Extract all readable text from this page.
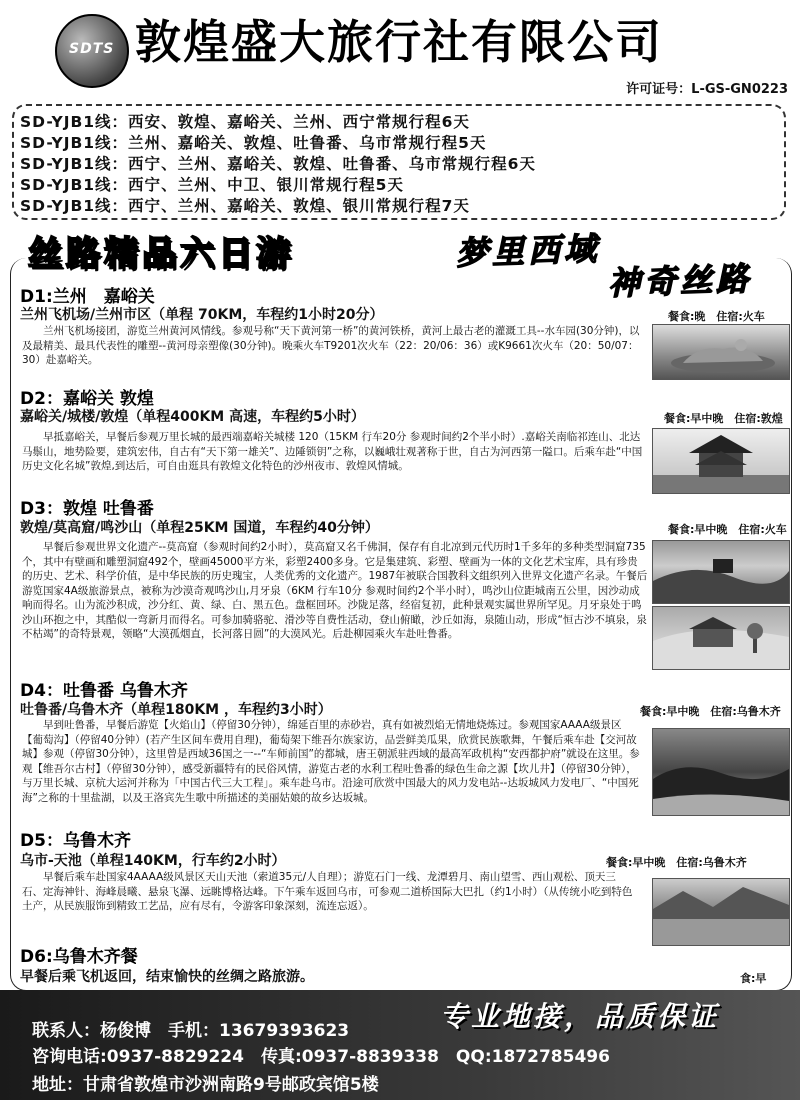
SDTS 敦煌盛大旅行社有限公司
许可证号：L-GS-GN0223
SD-YJB1线：西安、敦煌、嘉峪关、兰州、西宁常规行程6天
SD-YJB1线：兰州、嘉峪关、敦煌、吐鲁番、乌市常规行程5天
SD-YJB1线：西宁、兰州、嘉峪关、敦煌、吐鲁番、乌市常规行程6天
SD-YJB1线：西宁、兰州、中卫、银川常规行程5天
SD-YJB1线：西宁、兰州、嘉峪关、敦煌、银川常规行程7天
丝路精品六日游	梦里西域
神奇丝路
D1:兰州　嘉峪关
兰州飞机场/兰州市区（单程 70KM，车程约1小时20分）	餐食:晚　住宿:火车
兰州飞机场接团，游览兰州黄河风情线。参观号称“天下黄河第一桥”的黄河铁桥，黄河上最古老的灌溉工具--水车园(30分钟)，以及最精美、最具代表性的雕塑--黄河母亲塑像(30分钟)。晚乘火车T9201次火车（22：20/06：36）或K9661次火车（20：50/07：30）赴嘉峪关。
D2：嘉峪关 敦煌
嘉峪关/城楼/敦煌（单程400KM 高速，车程约5小时）	餐食:早中晚　住宿:敦煌
早抵嘉峪关，早餐后参观万里长城的最西端嘉峪关城楼 120（15KM 行车20分 参观时间约2个半小时）.嘉峪关南临祁连山、北达马鬃山，地势险要，建筑宏伟，自古有“天下第一雄关”、边陲锁钥”之称，以巍峨壮观著称于世，自古为河西第一隘口。后乘车赴“中国历史文化名城”敦煌,到达后，可自由逛具有敦煌文化特色的沙州夜市、敦煌风情城。
D3：敦煌 吐鲁番
敦煌/莫高窟/鸣沙山（单程25KM 国道，车程约40分钟）	餐食:早中晚　住宿:火车
早餐后参观世界文化遗产--莫高窟（参观时间约2小时），莫高窟又名千佛洞，保存有自北凉到元代历时1千多年的多种类型洞窟735个，其中有壁画和雕塑洞窟492个，壁画45000平方米，彩塑2400多身。它是集建筑、彩塑、壁画为一体的文化艺术宝库，具有珍贵的历史、艺术、科学价值，是中华民族的历史瑰宝，人类优秀的文化遗产。1987年被联合国教科文组织列入世界文化遗产名录。午餐后游览国家4A级旅游景点，被称为沙漠奇观鸣沙山,月牙泉（6KM 行车10分 参观时间约2个半小时），鸣沙山位距城南五公里，因沙动成响而得名。山为流沙积成，沙分红、黄、绿、白、黑五色。盘框回环。沙陇足落，经宿复初，此种景观实属世界所罕见。月牙泉处于鸣沙山环抱之中，其酷似一弯新月而得名。可参加骑骆驼、滑沙等自费性活动，登山俯瞰，沙丘如海，泉随山动，形成“恒古沙不填泉，泉不枯竭”的奇特景观，领略“大漠孤烟直，长河落日圆”的大漠风光。后赴柳园乘火车赴吐鲁番。
D4：吐鲁番 乌鲁木齐
吐鲁番/乌鲁木齐（单程180KM ，车程约3小时）	餐食:早中晚　住宿:乌鲁木齐
早到吐鲁番，早餐后游览【火焰山】（停留30分钟），绵延百里的赤砂岩，真有如被烈焰无情地烧炼过。参观国家AAAA级景区【葡萄沟】（停留40分钟）(若产生区间车费用自理)，葡萄架下维吾尔族家访，品尝鲜美瓜果，欣赏民族歌舞，午餐后乘车赴【交河故城】参观（停留30分钟），这里曾是西域36国之一--“车师前国”的都城，唐王朝派驻西域的最高军政机构“安西都护府”就设在这里。参观【维吾尔古村】（停留30分钟），感受新疆特有的民俗风情，游览古老的水利工程吐鲁番的绿色生命之源【坎儿井】（停留30分钟），与万里长城、京杭大运河并称为「中国古代三大工程」。乘车赴乌市。沿途可欣赏中国最大的风力发电站--达坂城风力发电厂、“中国死海”之称的十里盐湖，以及王洛宾先生歌中所描述的美丽姑娘的故乡达坂城。
D5：乌鲁木齐
乌市-天池（单程140KM，行车约2小时）	餐食:早中晚　住宿:乌鲁木齐
早餐后乘车赴国家4AAAA级风景区天山天池（索道35元/人自理）；游览石门一线、龙潭碧月、南山望雪、西山观松、顶天三石、定海神针、海峰晨曦、悬泉飞瀑、远眺博格达峰。下午乘车返回乌市，可参观二道桥国际大巴扎（约1小时）（从传统小吃到特色土产，从民族服饰到精致工艺品，应有尽有，令游客印象深刻，流连忘返）。
D6:乌鲁木齐餐
早餐后乘飞机返回，结束愉快的丝绸之路旅游。	食:早
专业地接，品质保证
联系人：杨俊博　手机：13679393623
咨询电话:0937-8829224　传真:0937-8839338　QQ:1872785496
地址：甘肃省敦煌市沙洲南路9号邮政宾馆5楼
